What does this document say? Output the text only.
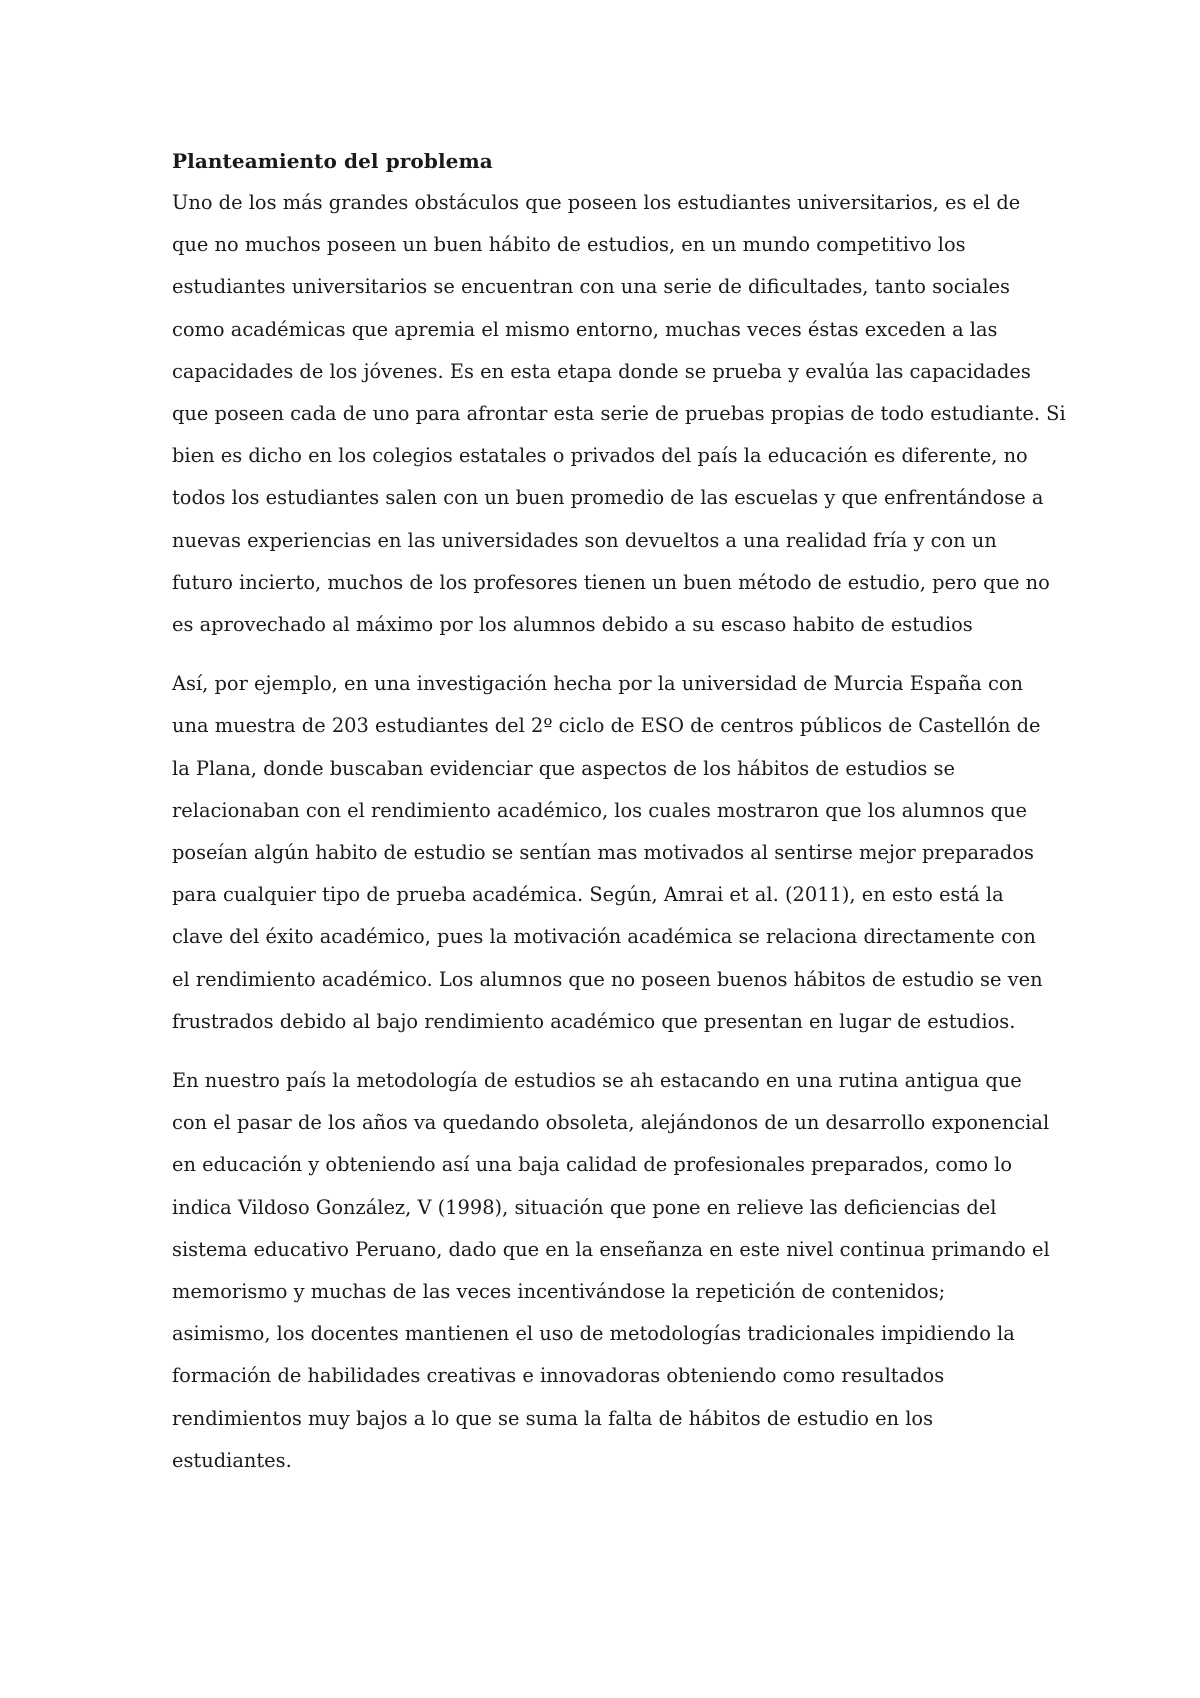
Planteamiento del problema

Uno de los más grandes obstáculos que poseen los estudiantes universitarios, es el de
que no muchos poseen un buen hábito de estudios, en un mundo competitivo los
estudiantes universitarios se encuentran con una serie de dificultades, tanto sociales
como académicas que apremia el mismo entorno, muchas veces éstas exceden a las
capacidades de los jóvenes. Es en esta etapa donde se prueba y evalúa las capacidades
que poseen cada de uno para afrontar esta serie de pruebas propias de todo estudiante. Si
bien es dicho en los colegios estatales o privados del país la educación es diferente, no
todos los estudiantes salen con un buen promedio de las escuelas y que enfrentándose a
nuevas experiencias en las universidades son devueltos a una realidad fría y con un
futuro incierto, muchos de los profesores tienen un buen método de estudio, pero que no
es aprovechado al máximo por los alumnos debido a su escaso habito de estudios

Así, por ejemplo, en una investigación hecha por la universidad de Murcia España con
una muestra de 203 estudiantes del 2º ciclo de ESO de centros públicos de Castellón de
la Plana, donde buscaban evidenciar que aspectos de los hábitos de estudios se
relacionaban con el rendimiento académico, los cuales mostraron que los alumnos que
poseían algún habito de estudio se sentían mas motivados al sentirse mejor preparados
para cualquier tipo de prueba académica. Según, Amrai et al. (2011), en esto está la
clave del éxito académico, pues la motivación académica se relaciona directamente con
el rendimiento académico. Los alumnos que no poseen buenos hábitos de estudio se ven
frustrados debido al bajo rendimiento académico que presentan en lugar de estudios.

En nuestro país la metodología de estudios se ah estacando en una rutina antigua que
con el pasar de los años va quedando obsoleta, alejándonos de un desarrollo exponencial
en educación y obteniendo así una baja calidad de profesionales preparados, como lo
indica Vildoso González, V (1998), situación que pone en relieve las deficiencias del
sistema educativo Peruano, dado que en la enseñanza en este nivel continua primando el
memorismo y muchas de las veces incentivándose la repetición de contenidos;
asimismo, los docentes mantienen el uso de metodologías tradicionales impidiendo la
formación de habilidades creativas e innovadoras obteniendo como resultados
rendimientos muy bajos a lo que se suma la falta de hábitos de estudio en los
estudiantes.
